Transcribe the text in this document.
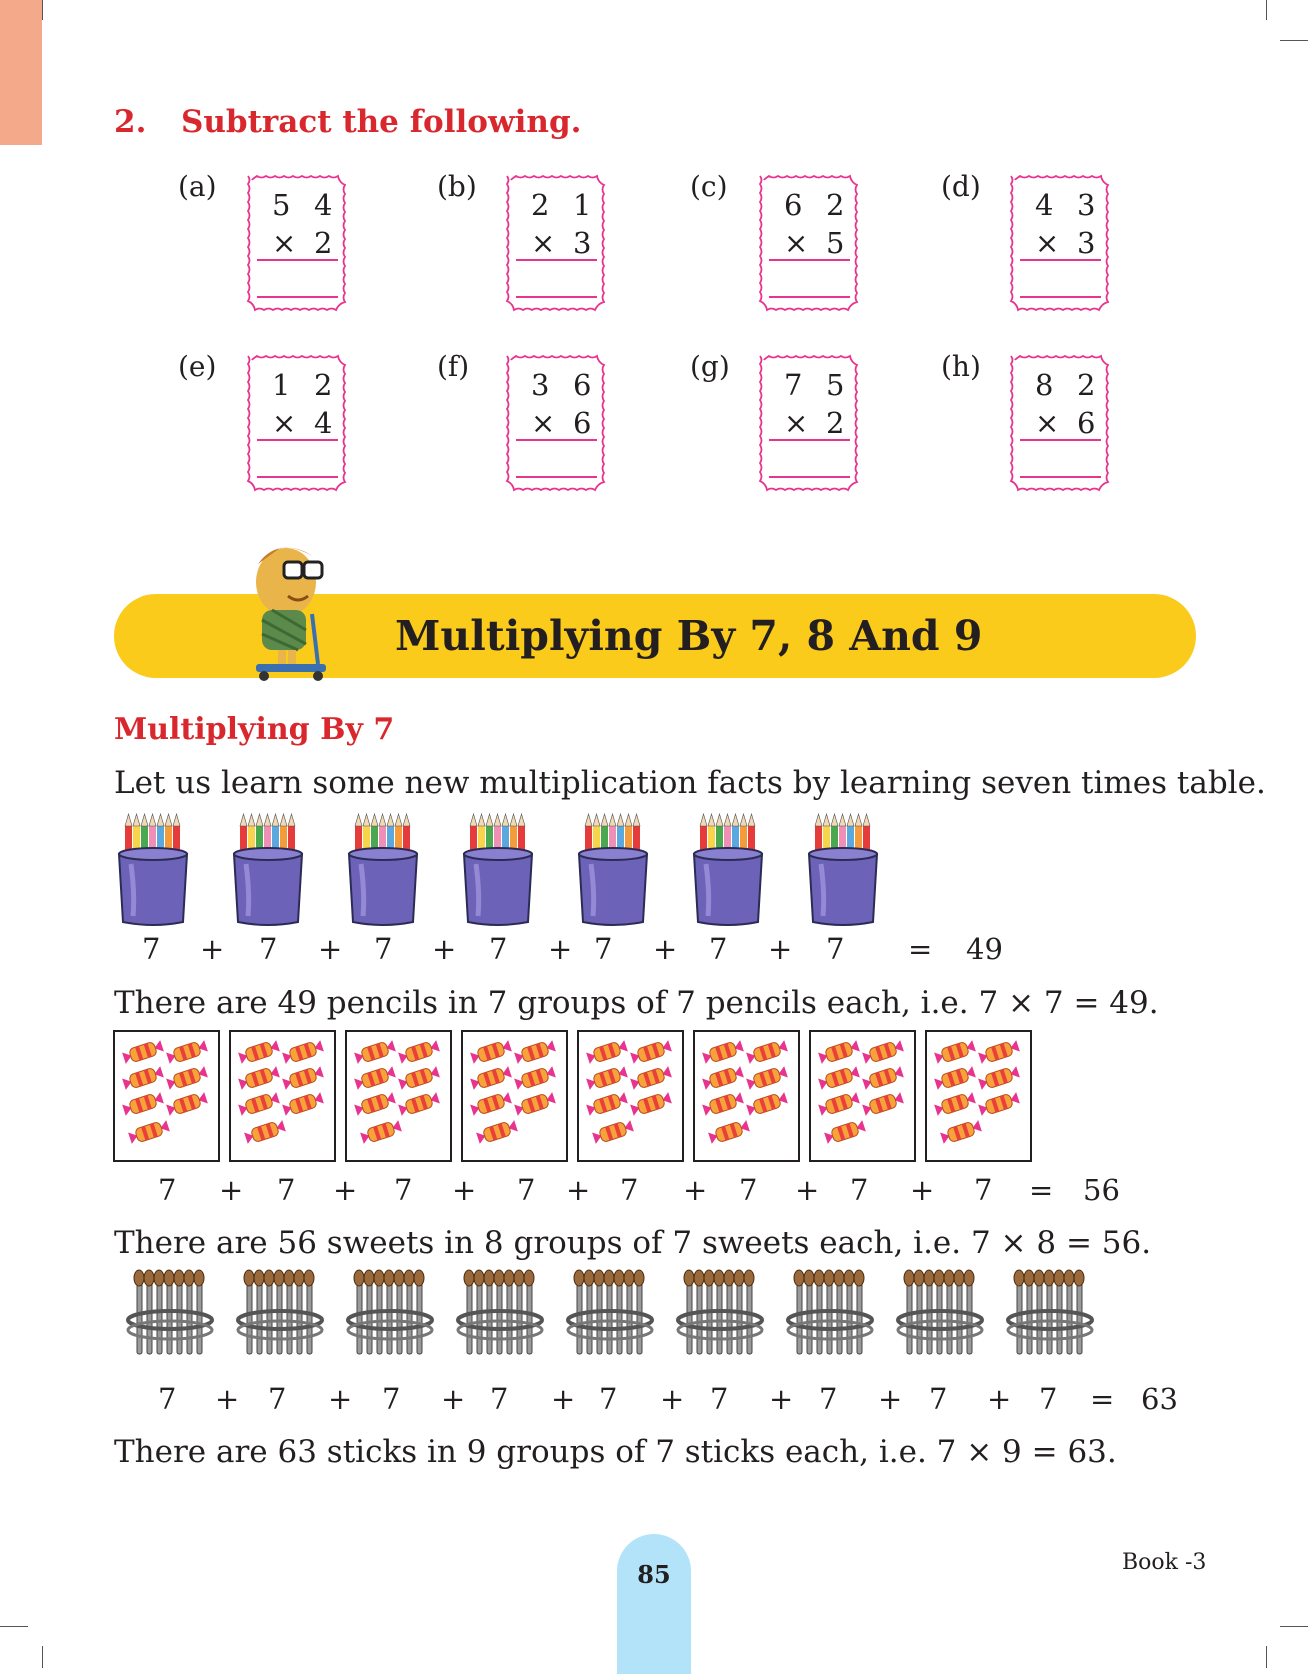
2. Subtract the following.
(a)
5 4
× 2
(b)
2 1
× 3
(c)
6 2
× 5
(d)
4 3
× 3
(e)
1 2
× 4
(f)
3 6
× 6
(g)
7 5
× 2
(h)
8 2
× 6
Multiplying By 7, 8 And 9
Multiplying By 7
Let us learn some new multiplication facts by learning seven times table.
7 + 7 + 7 + 7 + 7 + 7 + 7 = 49
There are 49 pencils in 7 groups of 7 pencils each, i.e. 7 × 7 = 49.
7 + 7 + 7 + 7 + 7 + 7 + 7 + 7 = 56
There are 56 sweets in 8 groups of 7 sweets each, i.e. 7 × 8 = 56.
7 + 7 + 7 + 7 + 7 + 7 + 7 + 7 + 7 = 63
There are 63 sticks in 9 groups of 7 sticks each, i.e. 7 × 9 = 63.
85	Book -3
